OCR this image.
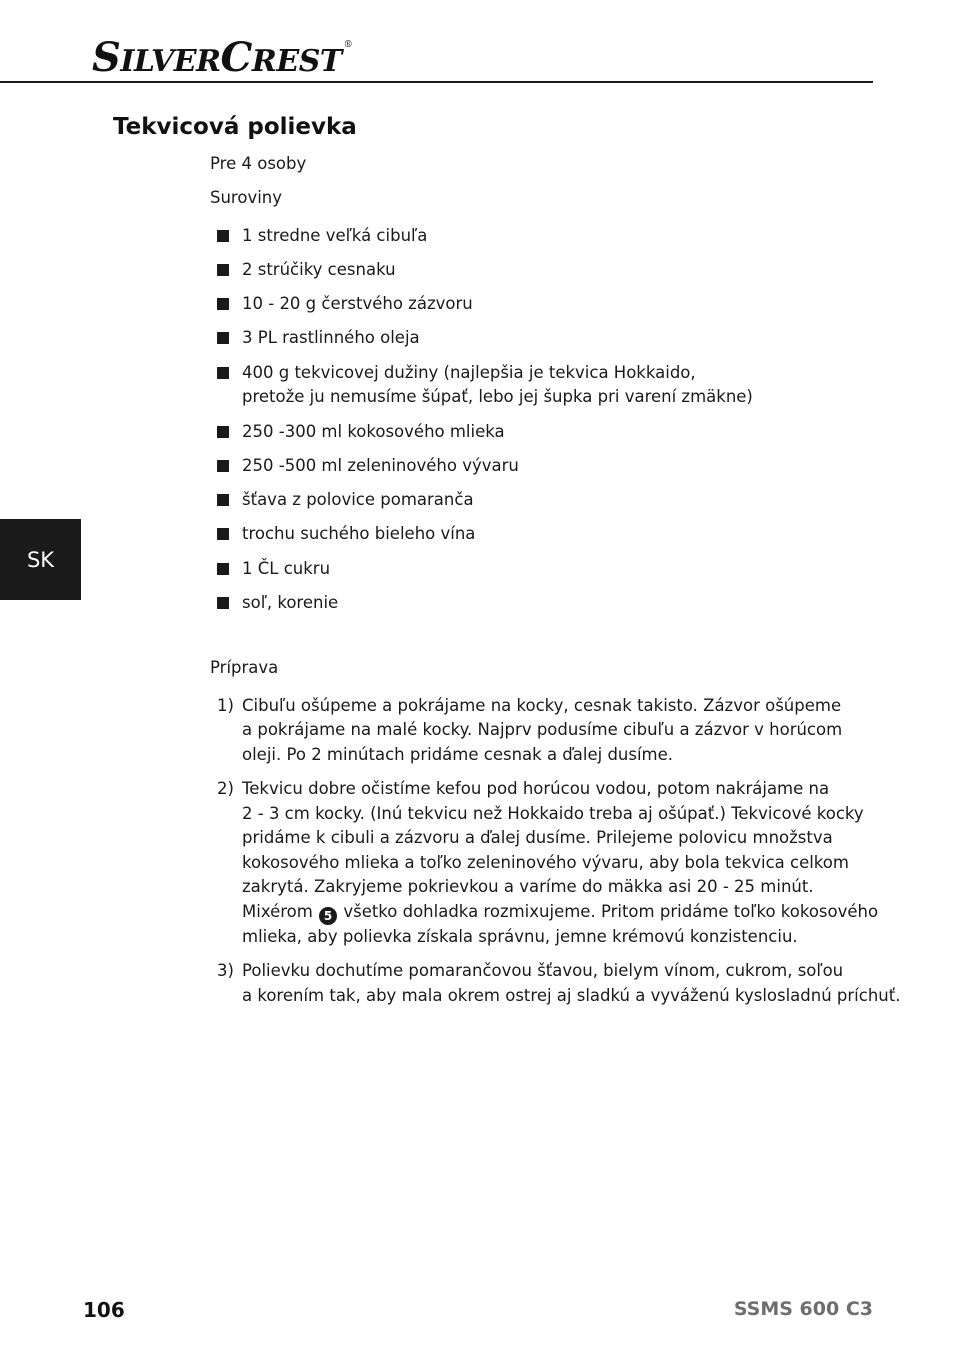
SILVERCREST ®
Tekvicová polievka
Pre 4 osoby
Suroviny
1 stredne veľká cibuľa
2 strúčiky cesnaku
10 - 20 g čerstvého zázvoru
3 PL rastlinného oleja
400 g tekvicovej dužiny (najlepšia je tekvica Hokkaido,
pretože ju nemusíme šúpať, lebo jej šupka pri varení zmäkne)
250 -300 ml kokosového mlieka
250 -500 ml zeleninového vývaru
šťava z polovice pomaranča
trochu suchého bieleho vína
1 ČL cukru
soľ, korenie
Príprava
1) Cibuľu ošúpeme a pokrájame na kocky, cesnak takisto. Zázvor ošúpeme
a pokrájame na malé kocky. Najprv podusíme cibuľu a zázvor v horúcom
oleji. Po 2 minútach pridáme cesnak a ďalej dusíme.
2) Tekvicu dobre očistíme kefou pod horúcou vodou, potom nakrájame na
2 - 3 cm kocky. (Inú tekvicu než Hokkaido treba aj ošúpať.) Tekvicové kocky
pridáme k cibuli a zázvoru a ďalej dusíme. Prilejeme polovicu množstva
kokosového mlieka a toľko zeleninového vývaru, aby bola tekvica celkom
zakrytá. Zakryjeme pokrievkou a varíme do mäkka asi 20 - 25 minút.
Mixérom 5 všetko dohladka rozmixujeme. Pritom pridáme toľko kokosového
mlieka, aby polievka získala správnu, jemne krémovú konzistenciu.
3) Polievku dochutíme pomarančovou šťavou, bielym vínom, cukrom, soľou
a korením tak, aby mala okrem ostrej aj sladkú a vyváženú kyslosladnú príchuť.
SK
106	SSMS 600 C3
